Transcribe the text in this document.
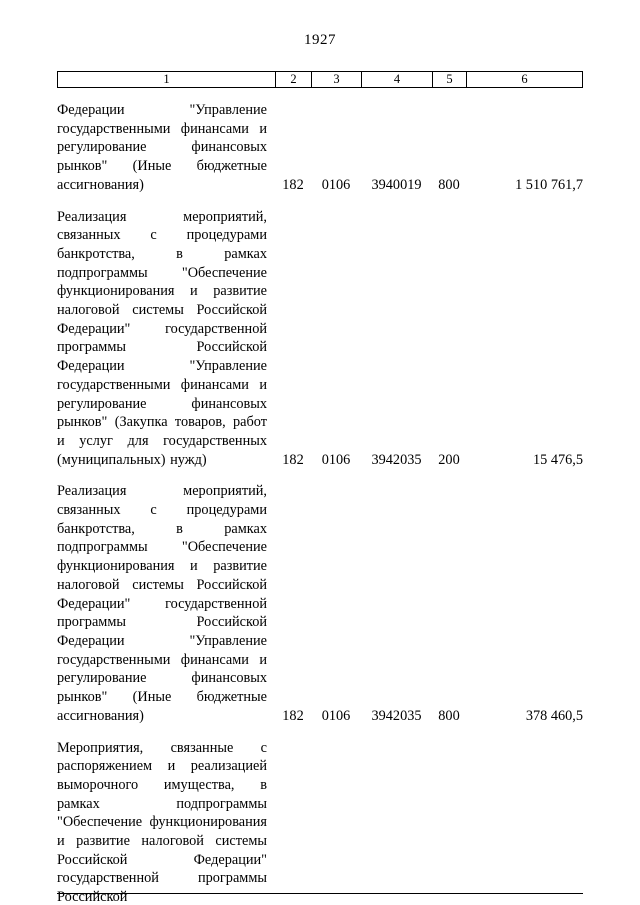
1927
1	2	3	4	5	6
Федерации "Управление государственными финансами и регулирование финансовых рынков" (Иные бюджетные ассигнования)	182	0106	3940019	800	1 510 761,7
Реализация мероприятий, связанных с процедурами банкротства, в рамках подпрограммы "Обеспечение функционирования и развитие налоговой системы Российской Федерации" государственной программы Российской Федерации "Управление государственными финансами и регулирование финансовых рынков" (Закупка товаров, работ и услуг для государственных (муниципальных) нужд)	182	0106	3942035	200	15 476,5
Реализация мероприятий, связанных с процедурами банкротства, в рамках подпрограммы "Обеспечение функционирования и развитие налоговой системы Российской Федерации" государственной программы Российской Федерации "Управление государственными финансами и регулирование финансовых рынков" (Иные бюджетные ассигнования)	182	0106	3942035	800	378 460,5
Мероприятия, связанные с распоряжением и реализацией выморочного имущества, в рамках подпрограммы "Обеспечение функционирования и развитие налоговой системы Российской Федерации" государственной программы Российской
